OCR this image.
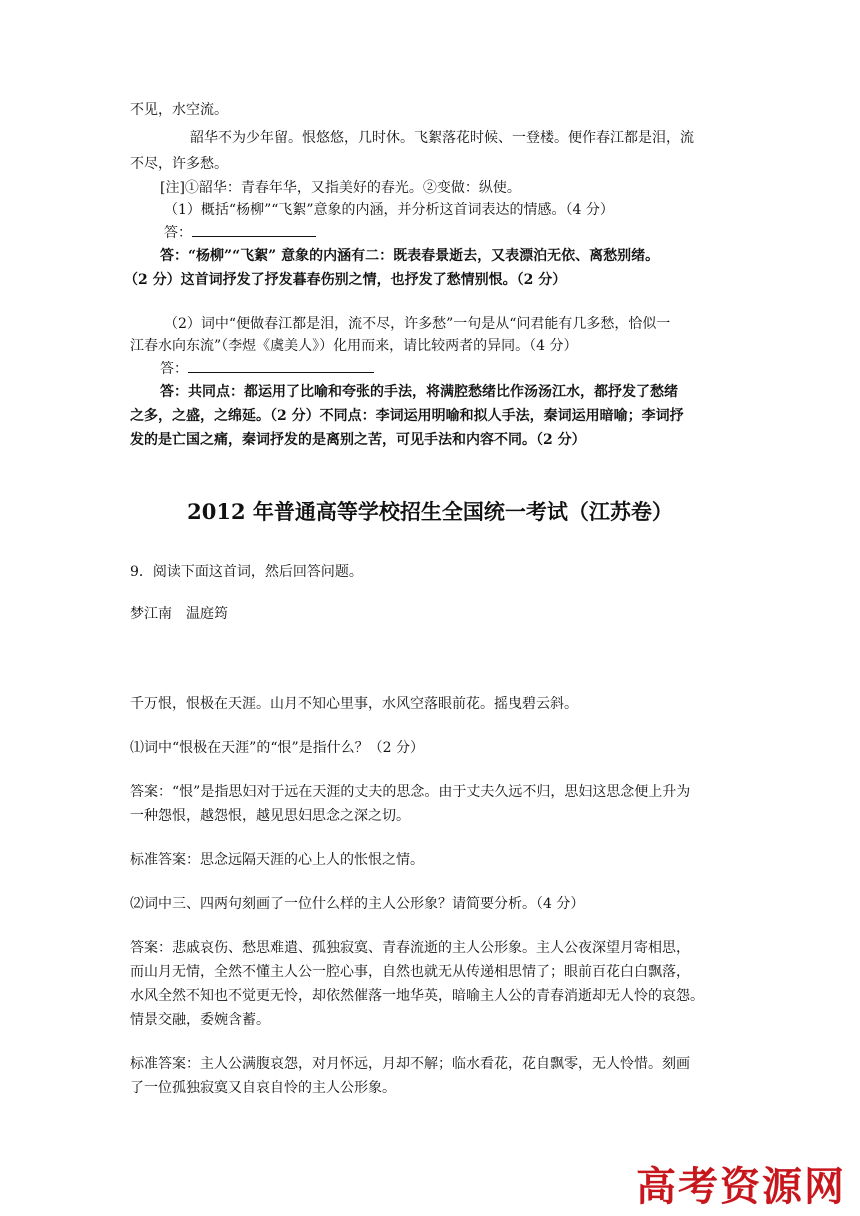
不见，水空流。
韶华不为少年留。恨悠悠，几时休。飞絮落花时候、一登楼。便作春江都是泪，流
不尽，许多愁。
[注]①韶华：青春年华，又指美好的春光。②变做：纵使。
（1）概括“杨柳”“飞絮”意象的内涵，并分析这首词表达的情感。（4 分）
答：
答：“杨柳”“飞絮” 意象的内涵有二：既表春景逝去，又表漂泊无依、离愁别绪。
（2 分）这首词抒发了抒发暮春伤别之情，也抒发了愁情别恨。（2 分）
（2）词中“便做春江都是泪，流不尽，许多愁”一句是从“问君能有几多愁，恰似一
江春水向东流”（李煜《虞美人》）化用而来，请比较两者的异同。（4 分）
答：
答：共同点：都运用了比喻和夸张的手法，将满腔愁绪比作汤汤江水，都抒发了愁绪
之多，之盛，之绵延。（2 分）不同点：李词运用明喻和拟人手法，秦词运用暗喻；李词抒
发的是亡国之痛，秦词抒发的是离别之苦，可见手法和内容不同。（2 分）
2012 年普通高等学校招生全国统一考试（江苏卷）
9．阅读下面这首词，然后回答问题。
梦江南　温庭筠
千万恨，恨极在天涯。山月不知心里事，水风空落眼前花。摇曳碧云斜。
⑴词中“恨极在天涯”的“恨”是指什么？（2 分）
答案：“恨”是指思妇对于远在天涯的丈夫的思念。由于丈夫久远不归，思妇这思念便上升为
一种怨恨，越怨恨，越见思妇思念之深之切。
标准答案：思念远隔天涯的心上人的怅恨之情。
⑵词中三、四两句刻画了一位什么样的主人公形象？请简要分析。（4 分）
答案：悲戚哀伤、愁思难遣、孤独寂寞、青春流逝的主人公形象。主人公夜深望月寄相思，
而山月无情，全然不懂主人公一腔心事，自然也就无从传递相思情了；眼前百花白白飘落，
水风全然不知也不觉更无怜，却依然催落一地华英，暗喻主人公的青春消逝却无人怜的哀怨。
情景交融，委婉含蓄。
标准答案：主人公满腹哀怨，对月怀远，月却不解；临水看花，花自飘零，无人怜惜。刻画
了一位孤独寂寞又自哀自怜的主人公形象。
高考资源网
